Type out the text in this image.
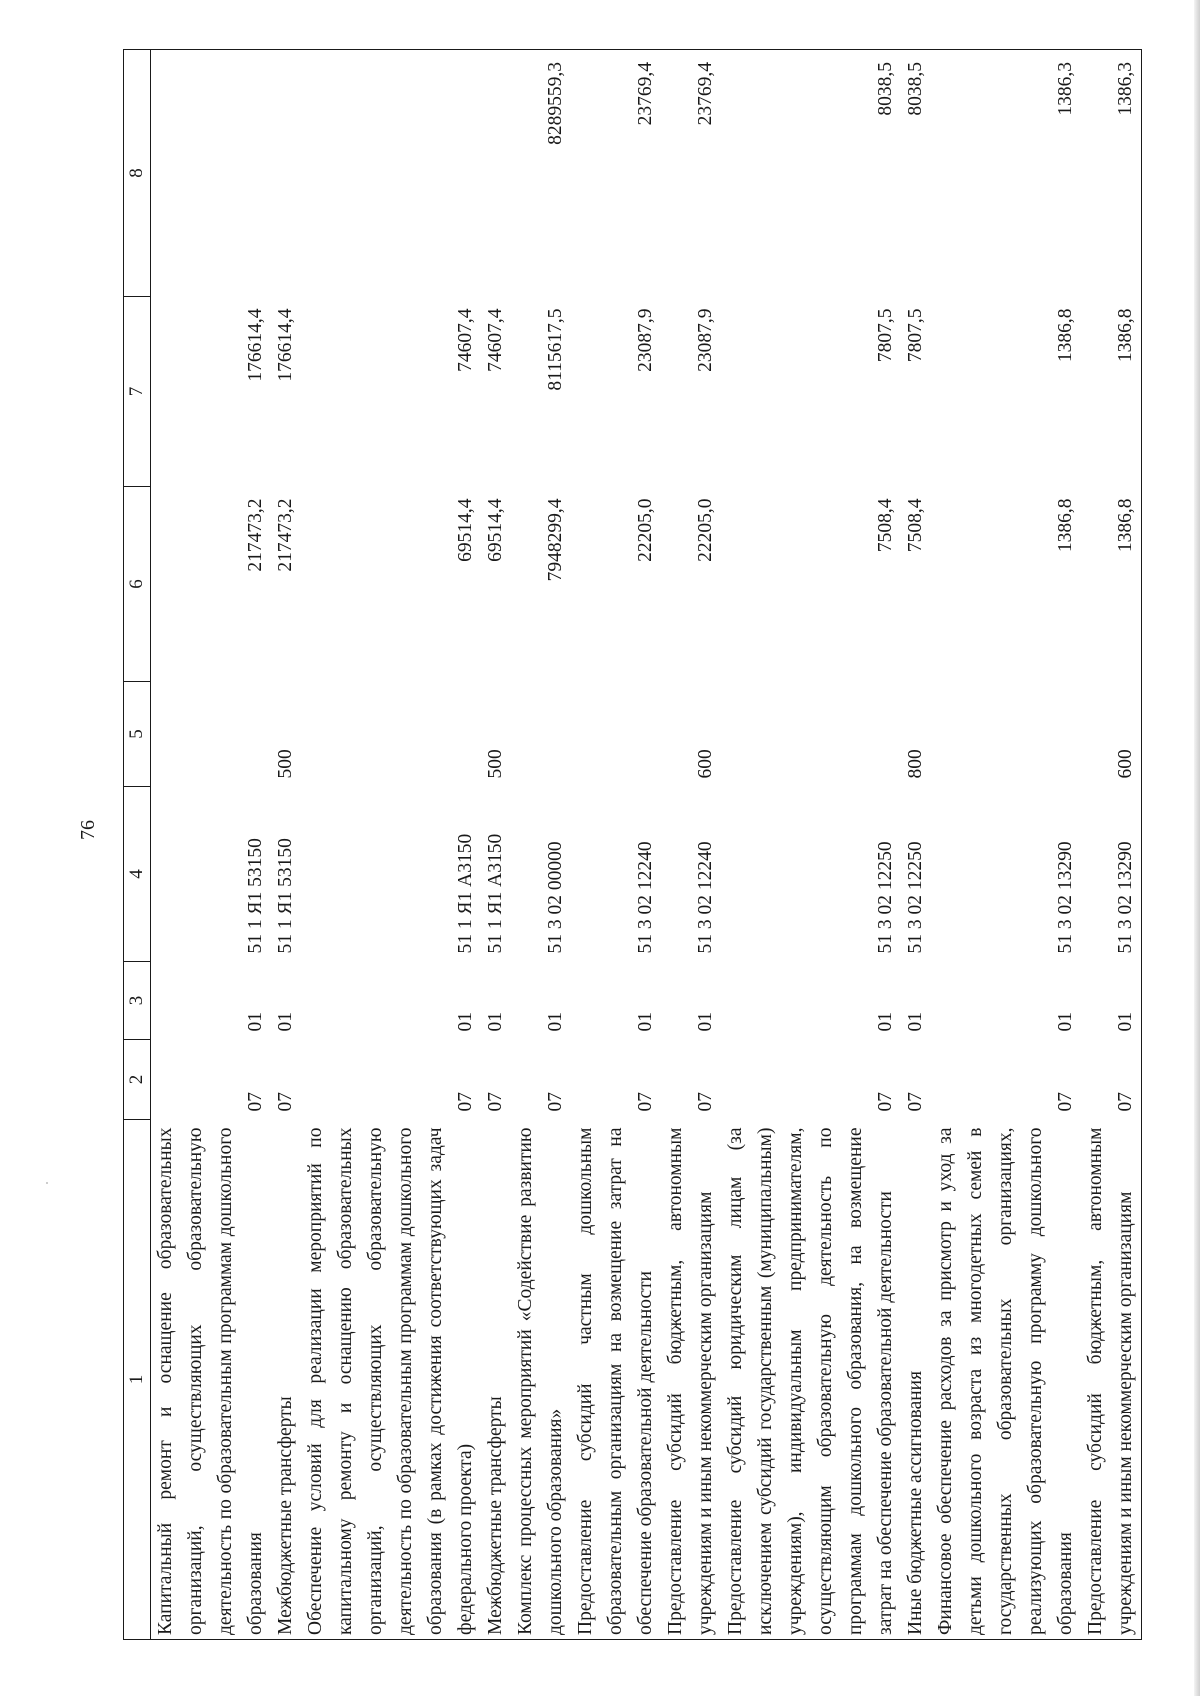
76
1	2	3	4	5	6	7	8
Капитальный ремонт и оснащение образовательных организаций, осуществляющих образовательную деятельность по образовательным программам дошкольного образования	07	01	51 1 Я1 53150		217473,2	176614,4	
Межбюджетные трансферты	07	01	51 1 Я1 53150	500	217473,2	176614,4	
Обеспечение условий для реализации мероприятий по капитальному ремонту и оснащению образовательных организаций, осуществляющих образовательную деятельность по образовательным программам дошкольного образования (в рамках достижения соответствующих задач федерального проекта)	07	01	51 1 Я1 А3150		69514,4	74607,4	
Межбюджетные трансферты	07	01	51 1 Я1 А3150	500	69514,4	74607,4	
Комплекс процессных мероприятий «Содействие развитию дошкольного образования»	07	01	51 3 02 00000		7948299,4	8115617,5	8289559,3
Предоставление субсидий частным дошкольным образовательным организациям на возмещение затрат на обеспечение образовательной деятельности	07	01	51 3 02 12240		22205,0	23087,9	23769,4
Предоставление субсидий бюджетным, автономным учреждениям и иным некоммерческим организациям	07	01	51 3 02 12240	600	22205,0	23087,9	23769,4
Предоставление субсидий юридическим лицам (за исключением субсидий государственным (муниципальным) учреждениям), индивидуальным предпринимателям, осуществляющим образовательную деятельность по программам дошкольного образования, на возмещение затрат на обеспечение образовательной деятельности	07	01	51 3 02 12250		7508,4	7807,5	8038,5
Иные бюджетные ассигнования	07	01	51 3 02 12250	800	7508,4	7807,5	8038,5
Финансовое обеспечение расходов за присмотр и уход за детьми дошкольного возраста из многодетных семей в государственных образовательных организациях, реализующих образовательную программу дошкольного образования	07	01	51 3 02 13290		1386,8	1386,8	1386,3
Предоставление субсидий бюджетным, автономным учреждениям и иным некоммерческим организациям	07	01	51 3 02 13290	600	1386,8	1386,8	1386,3
